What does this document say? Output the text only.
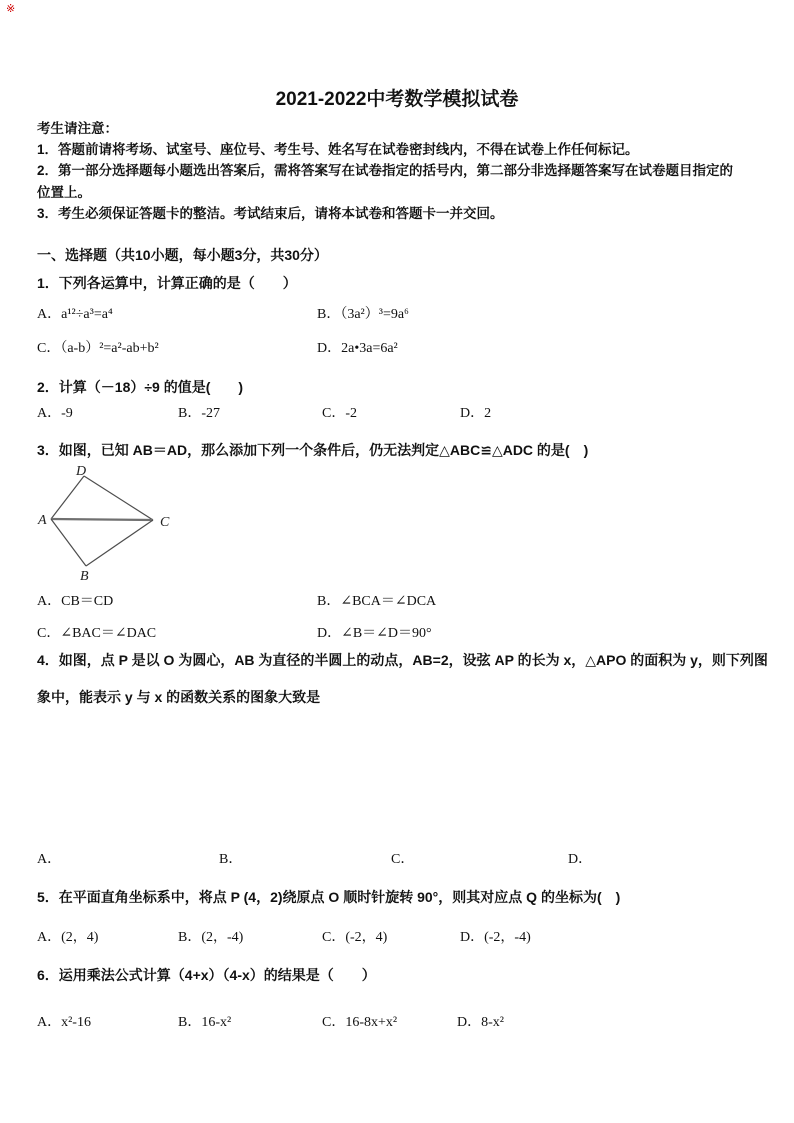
※
2021-2022中考数学模拟试卷
考生请注意：
1．答题前请将考场、试室号、座位号、考生号、姓名写在试卷密封线内，不得在试卷上作任何标记。
2．第一部分选择题每小题选出答案后，需将答案写在试卷指定的括号内，第二部分非选择题答案写在试卷题目指定的
位置上。
3．考生必须保证答题卡的整洁。考试结束后，请将本试卷和答题卡一并交回。
一、选择题（共10小题，每小题3分，共30分）
1．下列各运算中，计算正确的是（　　）

A．a¹²÷a³=a⁴

	B．（3a²）³=9a⁶

C．（a-b）²=a²-ab+b²

	D．2a•3a=6a²

2．计算（－18）÷9 的值是(　　)

A．-9

	B．-27

	C．-2

	D．2

3．如图，已知 AB＝AD，那么添加下列一个条件后，仍无法判定△ABC≌△ADC 的是(　)
D
A	C
B

A．CB＝CD

	B．∠BCA＝∠DCA

C．∠BAC＝∠DAC

	D．∠B＝∠D＝90°

4．如图，点 P 是以 O 为圆心，AB 为直径的半圆上的动点，AB=2，设弦 AP 的长为 x，△APO 的面积为 y，则下列图
象中，能表示 y 与 x 的函数关系的图象大致是

A．

	B．

	C．

	D．

5．在平面直角坐标系中，将点 P (4，2)绕原点 O 顺时针旋转 90°，则其对应点 Q 的坐标为(　)

A．(2，4)

	B．(2，-4)

	C．(-2，4)

	D．(-2，-4)

6．运用乘法公式计算（4+x）（4-x）的结果是（　　）

A．x²-16

	B．16-x²

	C．16-8x+x²

	D．8-x²
